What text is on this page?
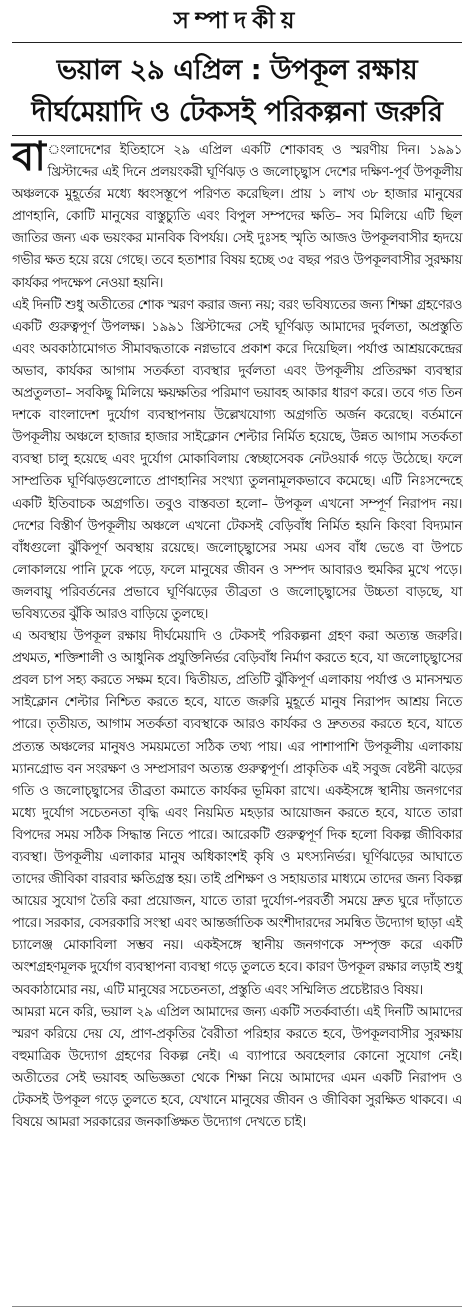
সম্পাদকীয়
ভয়াল ২৯ এপ্রিল : উপকূল রক্ষায়
দীর্ঘমেয়াদি ও টেকসই পরিকল্পনা জরুরি

বা ংলাদেশের ইতিহাসে ২৯ এপ্রিল একটি শোকাবহ ও স্মরণীয় দিন। ১৯৯১ খ্রিস্টাব্দের এই দিনে প্রলয়ংকরী ঘূর্ণিঝড় ও জলোচ্ছ্বাস দেশের দক্ষিণ-পূর্ব উপকূলীয় অঞ্চলকে মুহূর্তের মধ্যে ধ্বংসস্তূপে পরিণত করেছিল। প্রায় ১ লাখ ৩৮ হাজার মানুষের প্রাণহানি, কোটি মানুষের বাস্তুচ্যুতি এবং বিপুল সম্পদের ক্ষতি– সব মিলিয়ে এটি ছিল জাতির জন্য এক ভয়ংকর মানবিক বিপর্যয়। সেই দুঃসহ স্মৃতি আজও উপকূলবাসীর হৃদয়ে গভীর ক্ষত হয়ে রয়ে গেছে। তবে হতাশার বিষয় হচ্ছে ৩৫ বছর পরও উপকূলবাসীর সুরক্ষায় কার্যকর পদক্ষেপ নেওয়া হয়নি।

এই দিনটি শুধু অতীতের শোক স্মরণ করার জন্য নয়; বরং ভবিষ্যতের জন্য শিক্ষা গ্রহণেরও একটি গুরুত্বপূর্ণ উপলক্ষ। ১৯৯১ খ্রিস্টাব্দের সেই ঘূর্ণিঝড় আমাদের দুর্বলতা, অপ্রস্তুতি এবং অবকাঠামোগত সীমাবদ্ধতাকে নগ্নভাবে প্রকাশ করে দিয়েছিল। পর্যাপ্ত আশ্রয়কেন্দ্রের অভাব, কার্যকর আগাম সতর্কতা ব্যবস্থার দুর্বলতা এবং উপকূলীয় প্রতিরক্ষা ব্যবস্থার অপ্রতুলতা– সবকিছু মিলিয়ে ক্ষয়ক্ষতির পরিমাণ ভয়াবহ আকার ধারণ করে। তবে গত তিন দশকে বাংলাদেশ দুর্যোগ ব্যবস্থাপনায় উল্লেখযোগ্য অগ্রগতি অর্জন করেছে। বর্তমানে উপকূলীয় অঞ্চলে হাজার হাজার সাইক্লোন শেল্টার নির্মিত হয়েছে, উন্নত আগাম সতর্কতা ব্যবস্থা চালু হয়েছে এবং দুর্যোগ মোকাবিলায় স্বেচ্ছাসেবক নেটওয়ার্ক গড়ে উঠেছে। ফলে সাম্প্রতিক ঘূর্ণিঝড়গুলোতে প্রাণহানির সংখ্যা তুলনামূলকভাবে কমেছে। এটি নিঃসন্দেহে একটি ইতিবাচক অগ্রগতি। তবুও বাস্তবতা হলো– উপকূল এখনো সম্পূর্ণ নিরাপদ নয়। দেশের বিস্তীর্ণ উপকূলীয় অঞ্চলে এখনো টেকসই বেড়িবাঁধ নির্মিত হয়নি কিংবা বিদ্যমান বাঁধগুলো ঝুঁকিপূর্ণ অবস্থায় রয়েছে। জলোচ্ছ্বাসের সময় এসব বাঁধ ভেঙে বা উপচে লোকালয়ে পানি ঢুকে পড়ে, ফলে মানুষের জীবন ও সম্পদ আবারও হুমকির মুখে পড়ে। জলবায়ু পরিবর্তনের প্রভাবে ঘূর্ণিঝড়ের তীব্রতা ও জলোচ্ছ্বাসের উচ্চতা বাড়ছে, যা ভবিষ্যতের ঝুঁকি আরও বাড়িয়ে তুলছে।

এ অবস্থায় উপকূল রক্ষায় দীর্ঘমেয়াদি ও টেকসই পরিকল্পনা গ্রহণ করা অত্যন্ত জরুরি। প্রথমত, শক্তিশালী ও আধুনিক প্রযুক্তিনির্ভর বেড়িবাঁধ নির্মাণ করতে হবে, যা জলোচ্ছ্বাসের প্রবল চাপ সহ্য করতে সক্ষম হবে। দ্বিতীয়ত, প্রতিটি ঝুঁকিপূর্ণ এলাকায় পর্যাপ্ত ও মানসম্মত সাইক্লোন শেল্টার নিশ্চিত করতে হবে, যাতে জরুরি মুহূর্তে মানুষ নিরাপদ আশ্রয় নিতে পারে। তৃতীয়ত, আগাম সতর্কতা ব্যবস্থাকে আরও কার্যকর ও দ্রুততর করতে হবে, যাতে প্রত্যন্ত অঞ্চলের মানুষও সময়মতো সঠিক তথ্য পায়। এর পাশাপাশি উপকূলীয় এলাকায় ম্যানগ্রোভ বন সংরক্ষণ ও সম্প্রসারণ অত্যন্ত গুরুত্বপূর্ণ। প্রাকৃতিক এই সবুজ বেষ্টনী ঝড়ের গতি ও জলোচ্ছ্বাসের তীব্রতা কমাতে কার্যকর ভূমিকা রাখে। একইসঙ্গে স্থানীয় জনগণের মধ্যে দুর্যোগ সচেতনতা বৃদ্ধি এবং নিয়মিত মহড়ার আয়োজন করতে হবে, যাতে তারা বিপদের সময় সঠিক সিদ্ধান্ত নিতে পারে। আরেকটি গুরুত্বপূর্ণ দিক হলো বিকল্প জীবিকার ব্যবস্থা। উপকূলীয় এলাকার মানুষ অধিকাংশই কৃষি ও মৎস্যনির্ভর। ঘূর্ণিঝড়ের আঘাতে তাদের জীবিকা বারবার ক্ষতিগ্রস্ত হয়। তাই প্রশিক্ষণ ও সহায়তার মাধ্যমে তাদের জন্য বিকল্প আয়ের সুযোগ তৈরি করা প্রয়োজন, যাতে তারা দুর্যোগ-পরবর্তী সময়ে দ্রুত ঘুরে দাঁড়াতে পারে। সরকার, বেসরকারি সংস্থা এবং আন্তর্জাতিক অংশীদারদের সমন্বিত উদ্যোগ ছাড়া এই চ্যালেঞ্জ মোকাবিলা সম্ভব নয়। একইসঙ্গে স্থানীয় জনগণকে সম্পৃক্ত করে একটি অংশগ্রহণমূলক দুর্যোগ ব্যবস্থাপনা ব্যবস্থা গড়ে তুলতে হবে। কারণ উপকূল রক্ষার লড়াই শুধু অবকাঠামোর নয়, এটি মানুষের সচেতনতা, প্রস্তুতি এবং সম্মিলিত প্রচেষ্টারও বিষয়।

আমরা মনে করি, ভয়াল ২৯ এপ্রিল আমাদের জন্য একটি সতর্কবার্তা। এই দিনটি আমাদের স্মরণ করিয়ে দেয় যে, প্রাণ-প্রকৃতির বৈরীতা পরিহার করতে হবে, উপকূলবাসীর সুরক্ষায় বহুমাত্রিক উদ্যোগ গ্রহণের বিকল্প নেই। এ ব্যাপারে অবহেলার কোনো সুযোগ নেই। অতীতের সেই ভয়াবহ অভিজ্ঞতা থেকে শিক্ষা নিয়ে আমাদের এমন একটি নিরাপদ ও টেকসই উপকূল গড়ে তুলতে হবে, যেখানে মানুষের জীবন ও জীবিকা সুরক্ষিত থাকবে। এ বিষয়ে আমরা সরকারের জনকাঙ্ক্ষিত উদ্যোগ দেখতে চাই।
